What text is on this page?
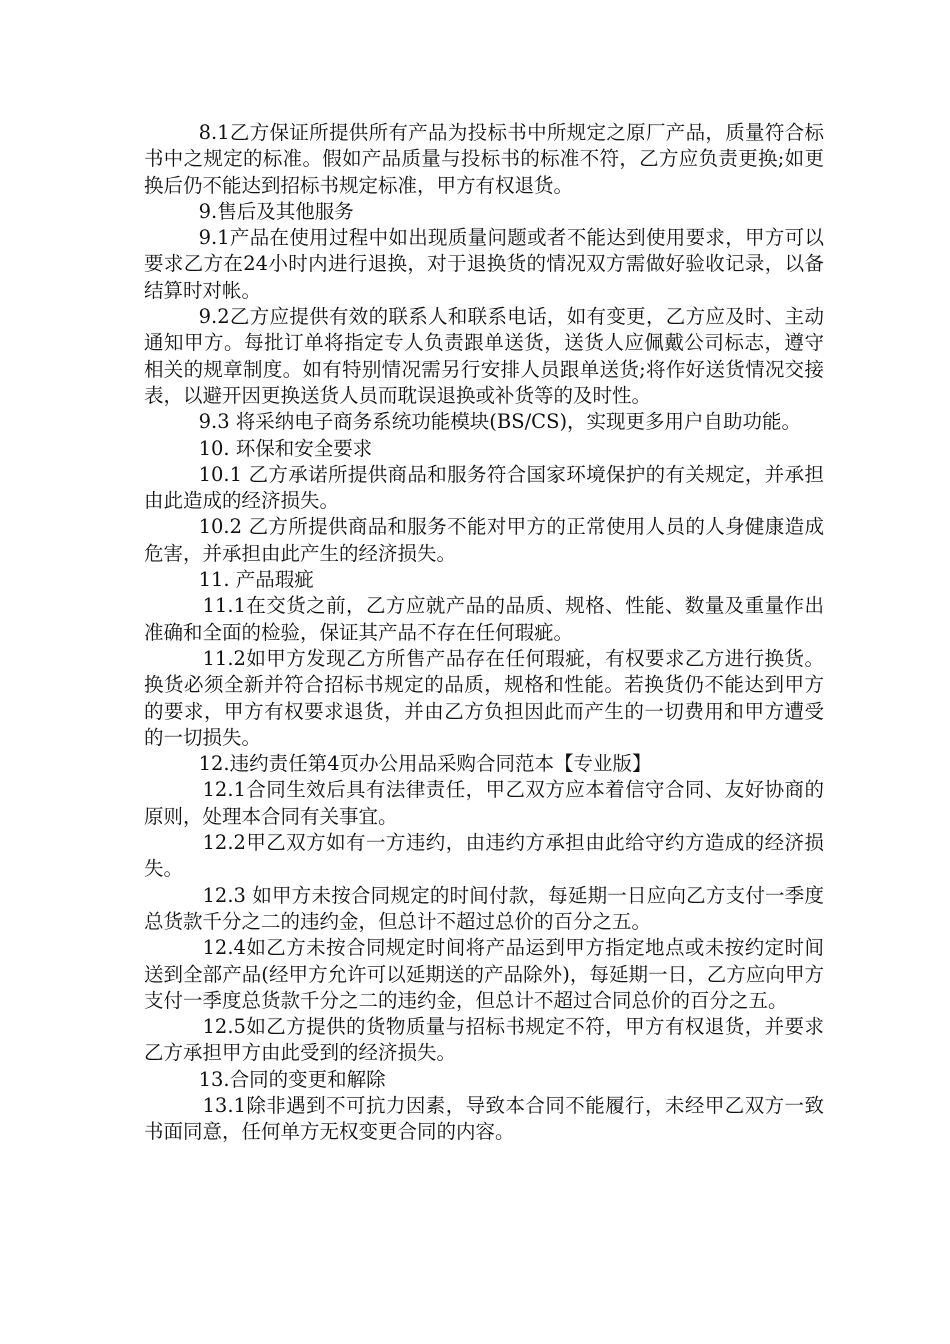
8.1乙方保证所提供所有产品为投标书中所规定之原厂产品，质量符合标书中之规定的标准。假如产品质量与投标书的标准不符，乙方应负责更换;如更换后仍不能达到招标书规定标准，甲方有权退货。

9.售后及其他服务

9.1产品在使用过程中如出现质量问题或者不能达到使用要求，甲方可以要求乙方在24小时内进行退换，对于退换货的情况双方需做好验收记录，以备结算时对帐。

9.2乙方应提供有效的联系人和联系电话，如有变更，乙方应及时、主动通知甲方。每批订单将指定专人负责跟单送货，送货人应佩戴公司标志，遵守相关的规章制度。如有特别情况需另行安排人员跟单送货;将作好送货情况交接表，以避开因更换送货人员而耽误退换或补货等的及时性。

9.3 将采纳电子商务系统功能模块(BS/CS)，实现更多用户自助功能。

10. 环保和安全要求

10.1 乙方承诺所提供商品和服务符合国家环境保护的有关规定，并承担由此造成的经济损失。

10.2 乙方所提供商品和服务不能对甲方的正常使用人员的人身健康造成危害，并承担由此产生的经济损失。

11. 产品瑕疵

11.1在交货之前，乙方应就产品的品质、规格、性能、数量及重量作出准确和全面的检验，保证其产品不存在任何瑕疵。

11.2如甲方发现乙方所售产品存在任何瑕疵，有权要求乙方进行换货。换货必须全新并符合招标书规定的品质，规格和性能。若换货仍不能达到甲方的要求，甲方有权要求退货，并由乙方负担因此而产生的一切费用和甲方遭受的一切损失。

12.违约责任第4页办公用品采购合同范本【专业版】

12.1合同生效后具有法律责任，甲乙双方应本着信守合同、友好协商的原则，处理本合同有关事宜。

12.2甲乙双方如有一方违约，由违约方承担由此给守约方造成的经济损失。

12.3 如甲方未按合同规定的时间付款，每延期一日应向乙方支付一季度总货款千分之二的违约金，但总计不超过总价的百分之五。

12.4如乙方未按合同规定时间将产品运到甲方指定地点或未按约定时间送到全部产品(经甲方允许可以延期送的产品除外)，每延期一日，乙方应向甲方支付一季度总货款千分之二的违约金，但总计不超过合同总价的百分之五。

12.5如乙方提供的货物质量与招标书规定不符，甲方有权退货，并要求乙方承担甲方由此受到的经济损失。

13.合同的变更和解除

13.1除非遇到不可抗力因素，导致本合同不能履行，未经甲乙双方一致书面同意，任何单方无权变更合同的内容。
